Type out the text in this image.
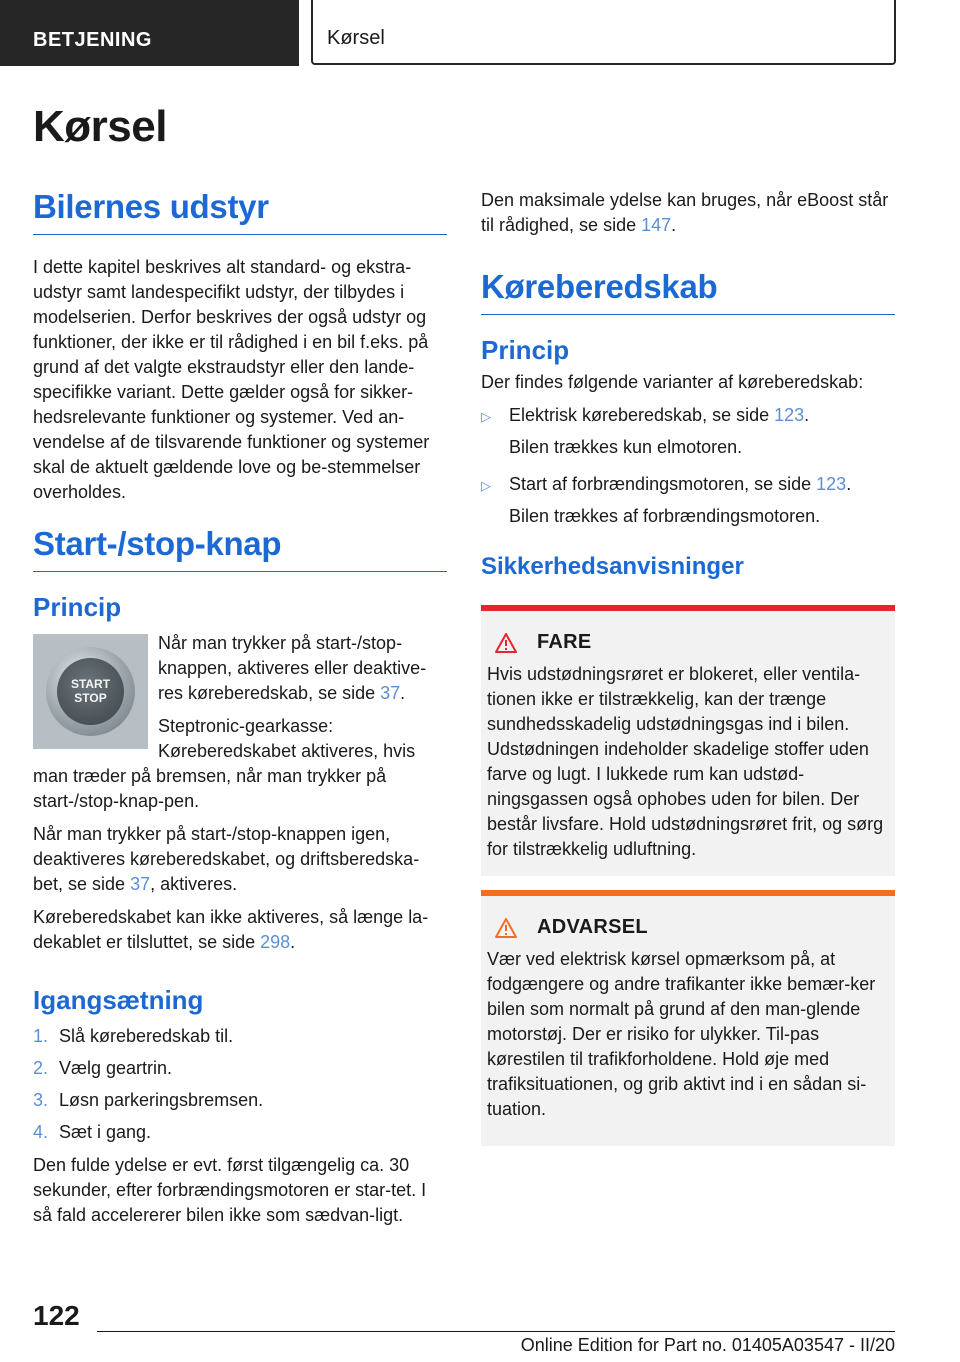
BETJENING	Kørsel
Kørsel
Bilernes udstyr

I dette kapitel beskrives alt standard- og ekstra-udstyr samt landespecifikt udstyr, der tilbydes i modelserien. Derfor beskrives der også udstyr og funktioner, der ikke er til rådighed i en bil f.eks. på grund af det valgte ekstraudstyr eller den lande-specifikke variant. Dette gælder også for sikker-hedsrelevante funktioner og systemer. Ved an-vendelse af de tilsvarende funktioner og systemer skal de aktuelt gældende love og be-stemmelser overholdes.

Start-/stop-knap
Princip
START
STOP

Når man trykker på start-/stop-knappen, aktiveres eller deaktive-res køreberedskab, se side 37.

Steptronic-gearkasse: Køreberedskabet aktiveres, hvis man træder på bremsen, når man trykker på start-/stop-knap-pen.

Når man trykker på start-/stop-knappen igen, deaktiveres køreberedskabet, og driftsberedska-bet, se side 37, aktiveres.

Køreberedskabet kan ikke aktiveres, så længe la-dekablet er tilsluttet, se side 298.

Igangsætning
1. Slå køreberedskab til.
2. Vælg geartrin.
3. Løsn parkeringsbremsen.
4. Sæt i gang.

Den fulde ydelse er evt. først tilgængelig ca. 30 sekunder, efter forbrændingsmotoren er star-tet. I så fald accelererer bilen ikke som sædvan-ligt.

Den maksimale ydelse kan bruges, når eBoost står til rådighed, se side 147.

Køreberedskab
Princip

Der findes følgende varianter af køreberedskab:

▷	Elektrisk køreberedskab, se side 123.
Bilen trækkes kun elmotoren.
▷	Start af forbrændingsmotoren, se side 123.
Bilen trækkes af forbrændingsmotoren.
Sikkerhedsanvisninger
FARE

Hvis udstødningsrøret er blokeret, eller ventila-tionen ikke er tilstrækkelig, kan der trænge sundhedsskadelig udstødningsgas ind i bilen. Udstødningen indeholder skadelige stoffer uden farve og lugt. I lukkede rum kan udstød-ningsgassen også ophobes uden for bilen. Der består livsfare. Hold udstødningsrøret frit, og sørg for tilstrækkelig udluftning.

ADVARSEL

Vær ved elektrisk kørsel opmærksom på, at fodgængere og andre trafikanter ikke bemær-ker bilen som normalt på grund af den man-glende motorstøj. Der er risiko for ulykker. Til-pas kørestilen til trafikforholdene. Hold øje med trafiksituationen, og grib aktivt ind i en sådan si-tuation.

122
Online Edition for Part no. 01405A03547 - II/20
